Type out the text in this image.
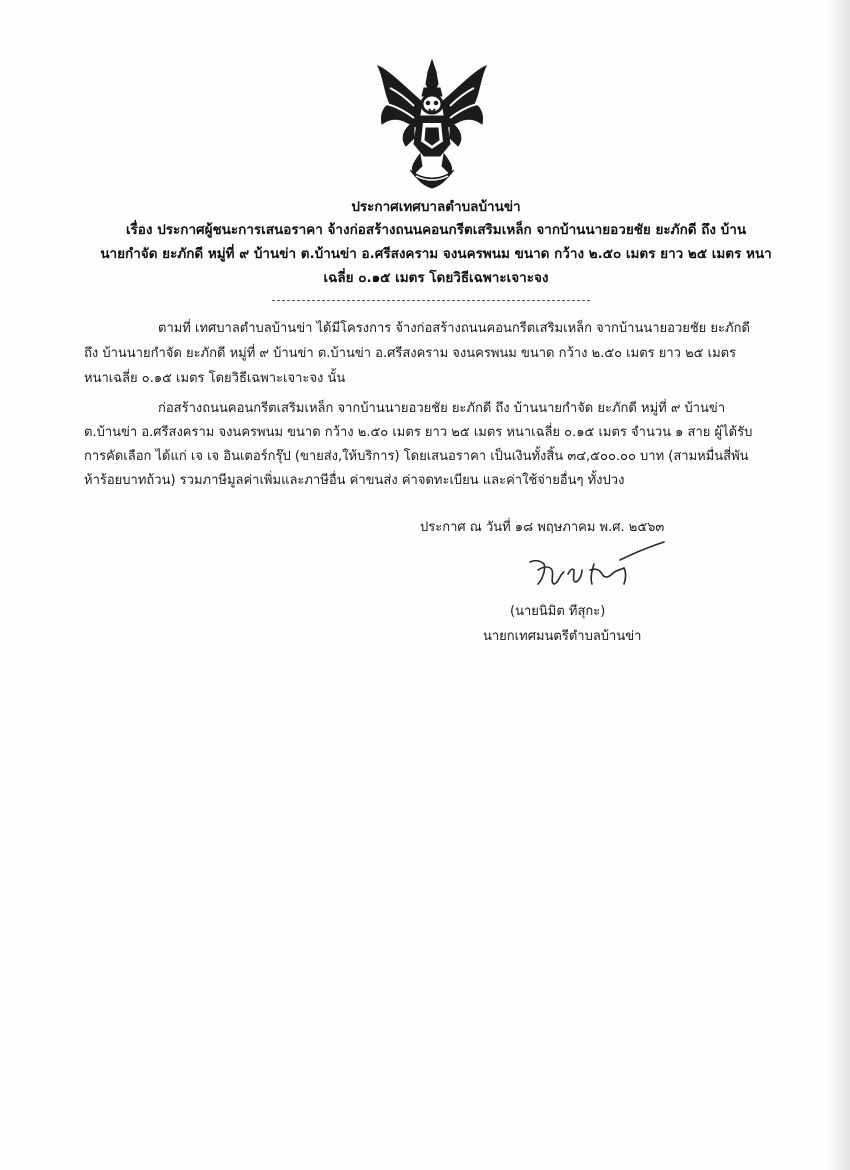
ประกาศเทศบาลตำบลบ้านข่า
เรื่อง ประกาศผู้ชนะการเสนอราคา จ้างก่อสร้างถนนคอนกรีตเสริมเหล็ก จากบ้านนายอวยชัย ยะภักดี ถึง บ้าน
นายกำจัด ยะภักดี หมู่ที่ ๙ บ้านข่า ต.บ้านข่า อ.ศรีสงคราม จงนครพนม ขนาด กว้าง ๒.๕๐ เมตร ยาว ๒๕ เมตร หนา
เฉลี่ย ๐.๑๕ เมตร โดยวิธีเฉพาะเจาะจง
ตามที่ เทศบาลตำบลบ้านข่า ได้มีโครงการ จ้างก่อสร้างถนนคอนกรีตเสริมเหล็ก จากบ้านนายอวยชัย ยะภักดี
ถึง บ้านนายกำจัด ยะภักดี หมู่ที่ ๙ บ้านข่า ต.บ้านข่า อ.ศรีสงคราม จงนครพนม ขนาด กว้าง ๒.๕๐ เมตร ยาว ๒๕ เมตร
หนาเฉลี่ย ๐.๑๕ เมตร โดยวิธีเฉพาะเจาะจง นั้น
ก่อสร้างถนนคอนกรีตเสริมเหล็ก จากบ้านนายอวยชัย ยะภักดี ถึง บ้านนายกำจัด ยะภักดี หมู่ที่ ๙ บ้านข่า
ต.บ้านข่า อ.ศรีสงคราม จงนครพนม ขนาด กว้าง ๒.๕๐ เมตร ยาว ๒๕ เมตร หนาเฉลี่ย ๐.๑๕ เมตร จำนวน ๑ สาย ผู้ได้รับ
การคัดเลือก ได้แก่ เจ เจ อินเตอร์กรุ๊ป (ขายส่ง,ให้บริการ) โดยเสนอราคา เป็นเงินทั้งสิ้น ๓๔,๕๐๐.๐๐ บาท (สามหมื่นสี่พัน
ห้าร้อยบาทถ้วน) รวมภาษีมูลค่าเพิ่มและภาษีอื่น ค่าขนส่ง ค่าจดทะเบียน และค่าใช้จ่ายอื่นๆ ทั้งปวง
ประกาศ ณ วันที่ ๑๘ พฤษภาคม พ.ศ. ๒๕๖๓
(นายนิมิต ทีสุกะ)
นายกเทศมนตรีตำบลบ้านข่า
